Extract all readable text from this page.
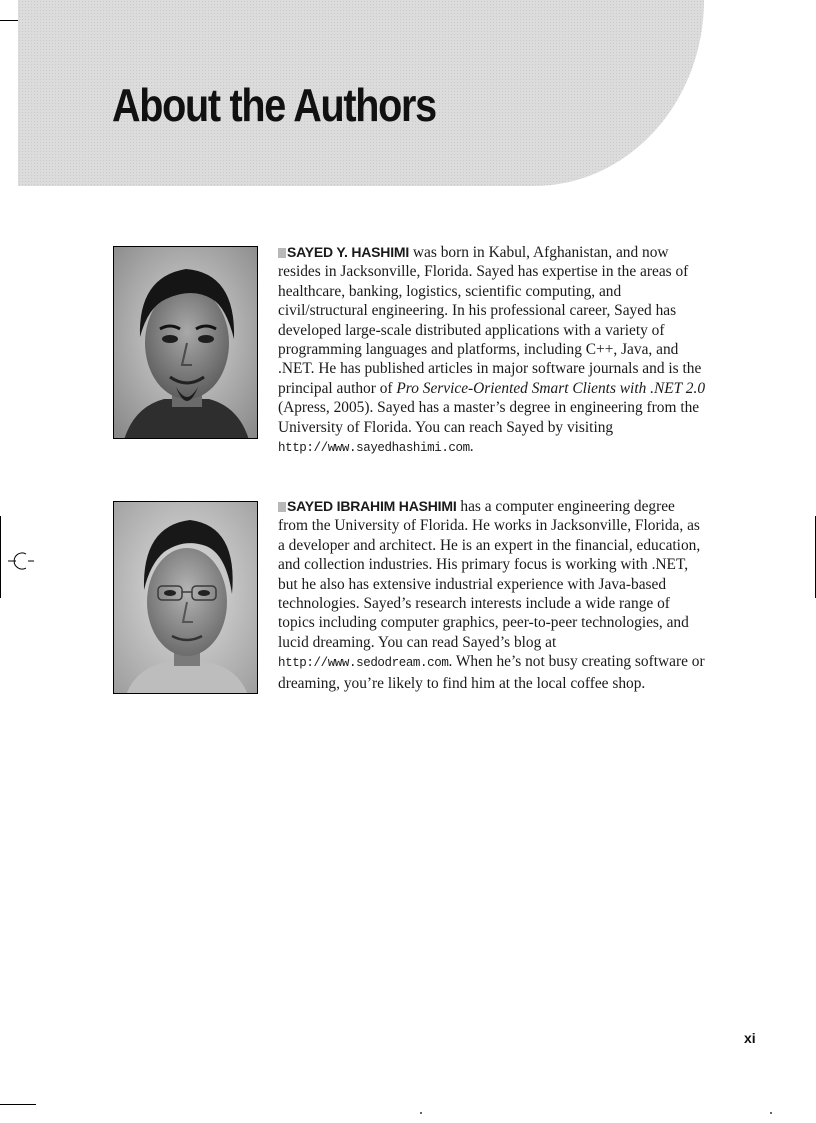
About the Authors

SAYED Y. HASHIMI was born in Kabul, Afghanistan, and now resides in Jacksonville, Florida. Sayed has expertise in the areas of healthcare, banking, logistics, scientific computing, and civil/structural engineering. In his professional career, Sayed has developed large-scale distributed applications with a variety of programming languages and platforms, including C++, Java, and .NET. He has published articles in major software journals and is the principal author of Pro Service-Oriented Smart Clients with .NET 2.0 (Apress, 2005). Sayed has a master’s degree in engineering from the University of Florida. You can reach Sayed by visiting http://www.sayedhashimi.com.

SAYED IBRAHIM HASHIMI has a computer engineering degree from the University of Florida. He works in Jacksonville, Florida, as a developer and architect. He is an expert in the financial, education, and collection industries. His primary focus is working with .NET, but he also has extensive industrial experience with Java-based technologies. Sayed’s research interests include a wide range of topics including computer graphics, peer-to-peer technologies, and lucid dreaming. You can read Sayed’s blog at http://www.sedodream.com. When he’s not busy creating software or dreaming, you’re likely to find him at the local coffee shop.

xi
